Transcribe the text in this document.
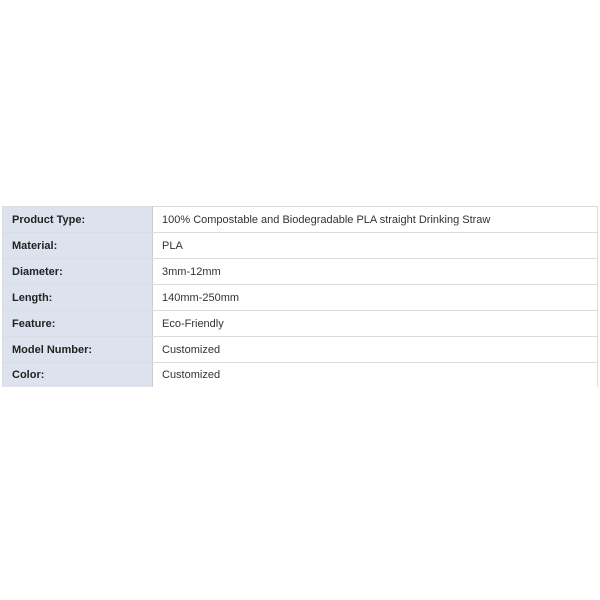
Product Type:	100% Compostable and Biodegradable PLA straight Drinking Straw
Material:	PLA
Diameter:	3mm-12mm
Length:	140mm-250mm
Feature:	Eco-Friendly
Model Number:	Customized
Color:	Customized
